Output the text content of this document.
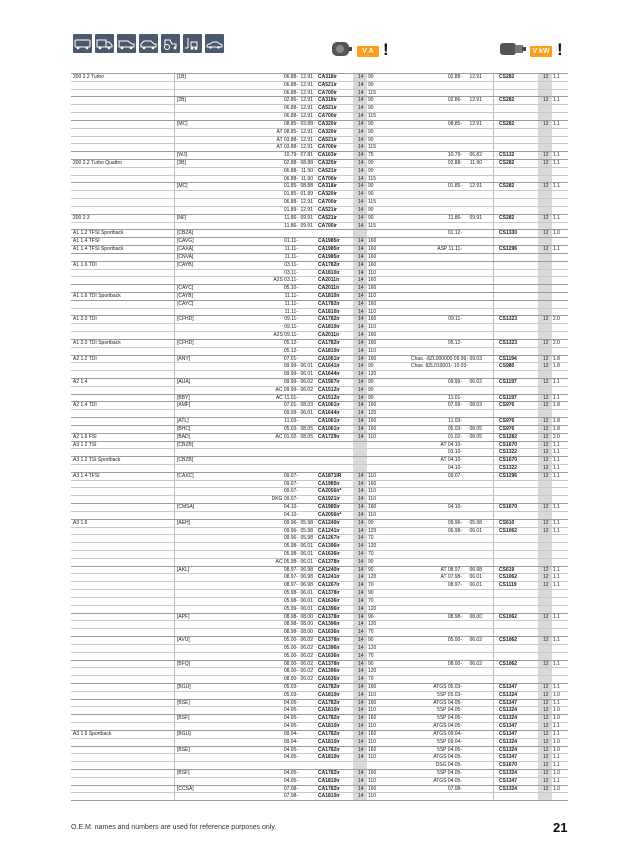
V A !	V kW !
200 2.2 Turbo	[1B]	06.88- 12.91 CA318ir	14 90	02.88-	12.91	CS282	12 1.1
06.88- 12.91 CA521ir	14 90
06.88- 12.91 CA700ir	14 115
[2B]	02.86- 12.91 CA318ir	14 90	02.86-	12.91	CS282	12 1.1
06.88- 12.91 CA521ir	14 90
06.88- 12.91 CA700ir	14 115
[MC]	08.85- 03.88 CA320ir	14 90	08.85-	12.91	CS282	12 1.1
AT 08.85- 12.91 CA320ir	14 90
AT 03.88- 12.91 CA521ir	14 90
AT 03.88- 12.91 CA700ir	14 115
[WJ]	10.79- 07.81 CA163ir	14 75	10.79-	06.82	CS132	12 1.1
200 2.2 Turbo Quattro	[3B]	02.88- 08.88 CA320ir	14 90	02.88-	11.90	CS282	12 1.1
06.88- 11.90 CA521ir	14 90
06.88- 11.90 CA700ir	14 115
[MC]	01.85- 08.88 CA318ir	14 90	01.85-	12.91	CS282	12 1.1
01.85- 01.89 CA320ir	14 90
06.88- 12.91 CA700ir	14 115
01.89- 12.91 CA521ir	14 90
200 2.3	[NF]	11.86- 09.91 CA521ir	14 90	11.86-	09.91	CS282	12 1.1
11.86- 09.91 CA700ir	14 115
A1 1.2 TFSI Sportback	[CBZA]	01.12-	CS1330	12 1.0
A1 1.4 TFSI	[CAVG]	01.11-	CA1985ir	14 160
A1 1.4 TFSI Sportback	[CAXA]	11.11-	CA1985ir	14 160	ASP 11.11-	CS1296	12 1.1
[CNVA]	11.11-	CA1985ir	14 160
A1 1.6 TDI	[CAYB]	03.11-	CA1782ir	14 160
03.11-	CA1810ir	14 110
A2S 03.11-	CA2011ir	14 160
[CAYC]	05.10-	CA2011ir	14 160
A1 1.6 TDI Sportback	[CAYB]	11.11-	CA1810ir	14 110
[CAYC]	11.11-	CA1782ir	14 160
11.11-	CA1810ir	14 110
A1 2.0 TDI	[CFHD]	09.11-	CA1782ir	14 160	09.11-	CS1323	12 2.0
09.11-	CA1810ir	14 110
A2S 09.11-	CA2011ir	14 160
A1 2.0 TDI Sportback	[CFHD]	05.12-	CA1782ir	14 160	05.12-	CS1323	12 2.0
05.12-	CA1810ir	14 110
A2 1.2 TDI	[ANY]	07.01-	CA1061ir	14 160	Chas. -8ZL000000 09.99- 09.03	CS1194	12 1.8
09.99- 06.01 CA1641ir	14 90	Chas. 8ZL010001- 10.03-	CS980	12 1.8
09.99- 06.01 CA1644ir	14 120
A2 1.4	[AUA]	09.99- 06.02 CA1567ir	14 90	09.99-	06.02	CS1197	12 1.1
AC 09.99- 06.02 CA1512ir	14 90
[BBY]	AC 11.01-	CA1512ir	14 90	11.01-	CS1197	12 1.1
A2 1.4 TDI	[AMF]	07.01- 08.03 CA1061ir	14 160	07.99-	08.03	CS976	12 1.8
09.99- 06.01 CA1644ir	14 120
[ATL]	11.03-	CA1061ir	14 160	11.03-	CS976	12 1.8
[BHC]	05.03- 08.05 CA1061ir	14 160	05.03-	08.05	CS976	12 1.8
A2 1.6 FSI	[BAD]	AC 01.02- 08.05 CA1729ir	14 110	01.02-	08.05	CS1282	12 2.0
A3 1.2 TSI	[CBZB]	AT 04.10-	CS1670	12 1.1
03.10-	CS1322	12 1.1
A3 1.2 TSI Sportback	[CBZB]	AT 04.10-	CS1670	12 1.1
04.10-	CS1322	12 1.1
A3 1.4 TFSI	[CAXC]	09.07-	CA1871IR	14 110	09.07-	CS1296	12 1.1
09.07-	CA1985ir	14 160
09.07-	CA2056ir*	14 110
DKG 09.07-	CA1921ir	14 110
[CMSA]	04.10-	CA1985ir	14 160	04.10-	CS1670	12 1.1
04.10-	CA2056ir*	14 110
A3 1.6	[AEH]	09.96- 05.98 CA1240ir	14 90	09.96-	05.98	CS610	12 1.1
09.96- 05.98 CA1241ir	14 120	06.98-	06.01	CS1062	12 1.1
09.96- 05.98 CA1267ir	14 70
05.98- 06.01 CA1396ir	14 120
05.98- 06.01 CA1636ir	14 70
AC 05.98- 06.01 CA1378ir	14 90
[AKL]	08.97- 06.98 CA1240ir	14 90	AT 08.97-	06.98	CS619	12 1.1
08.97- 06.98 CA1241ir	14 120	AT 07.98-	06.01	CS1062	12 1.1
08.97- 06.98 CA1267ir	14 70	08.97-	06.01	CS1119	12 1.1
05.98- 06.01 CA1378ir	14 90
05.98- 06.01 CA1636ir	14 70
05.99- 06.01 CA1396ir	14 120
[APF]	08.98- 08.00 CA1378ir	14 90	08.98-	08.00	CS1062	12 1.1
08.98- 08.00 CA1396ir	14 120
08.98- 08.00 CA1636ir	14 70
[AVU]	05.00- 06.02 CA1378ir	14 90	05.00-	06.02	CS1062	12 1.1
05.00- 06.02 CA1396ir	14 120
05.00- 06.02 CA1636ir	14 70
[BFQ]	08.00- 06.02 CA1378ir	14 90	08.00-	06.02	CS1062	12 1.1
08.00- 06.02 CA1396ir	14 120
08.00- 06.02 CA1636ir	14 70
[BGU]	05.03-	CA1782ir	14 160	ATGS 05.03-	CS1347	12 1.1
05.03-	CA1810ir	14 110	5SP 05.03-	CS1324	12 1.0
[BSE]	04.05-	CA1782ir	14 160	ATGS 04.05-	CS1347	12 1.1
04.05-	CA1810ir	14 110	5SP 04.05-	CS1324	12 1.0
[BSF]	04.05-	CA1782ir	14 160	5SP 04.05-	CS1324	12 1.0
04.05-	CA1810ir	14 110	ATGS 04.05-	CS1347	12 1.1
A3 1.6 Sportback	[BGU]	09.04-	CA1782ir	14 160	ATGS 09.04-	CS1347	12 1.1
09.04-	CA1810ir	14 110	5SP 09.04-	CS1324	12 1.0
[BSE]	04.05-	CA1782ir	14 160	5SP 04.05-	CS1324	12 1.0
04.05-	CA1810ir	14 110	ATGS 04.05-	CS1347	12 1.1
DSG 04.05-	CS1670	12 1.1
[BSF]	04.05-	CA1782ir	14 160	5SP 04.05-	CS1324	12 1.0
04.05-	CA1810ir	14 110	ATGS 04.05-	CS1347	12 1.1
[CCSA]	07.08-	CA1782ir	14 160	07.08-	CS1324	12 1.0
07.08-	CA1810ir	14 110
O.E.M. names and numbers are used for reference purposes only.	21
